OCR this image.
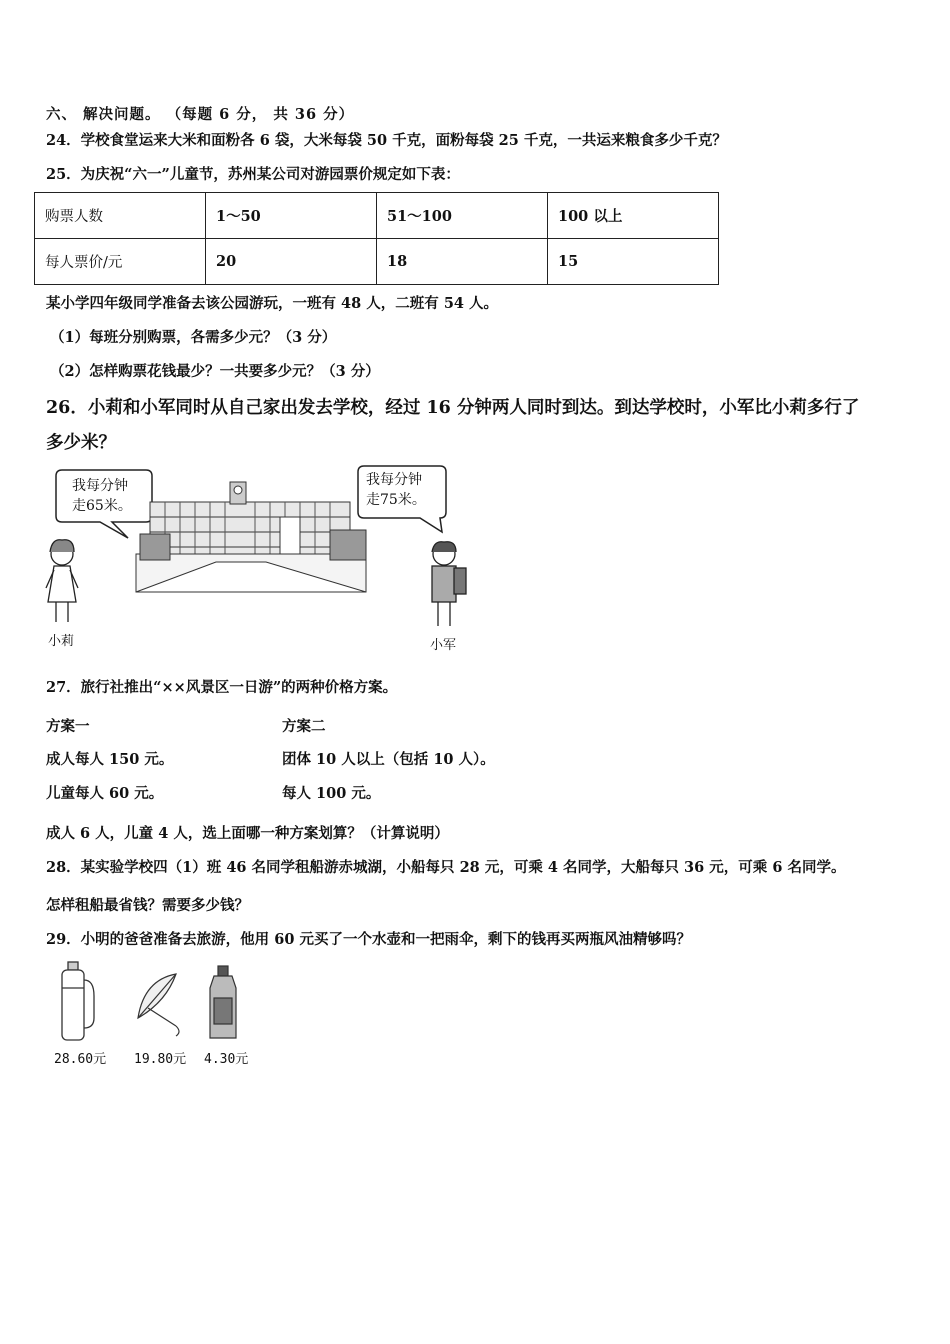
六、 解决问题。 （每题 6 分， 共 36 分）
24．学校食堂运来大米和面粉各 6 袋，大米每袋 50 千克，面粉每袋 25 千克，一共运来粮食多少千克？
25．为庆祝“六一”儿童节，苏州某公司对游园票价规定如下表：
购票人数	1～50	51～100	100 以上
每人票价/元	20	18	15
某小学四年级同学准备去该公园游玩，一班有 48 人，二班有 54 人。
（1）每班分别购票，各需多少元？（3 分）
（2）怎样购票花钱最少？一共要多少元？（3 分）
26．小莉和小军同时从自己家出发去学校，经过 16 分钟两人同时到达。到达学校时，小军比小莉多行了
多少米？
我每分钟
走65米。
我每分钟
走75米。
小莉	小军
27．旅行社推出“××风景区一日游”的两种价格方案。
方案一	方案二
成人每人 150 元。	团体 10 人以上（包括 10 人）。
儿童每人 60 元。	每人 100 元。
成人 6 人，儿童 4 人，选上面哪一种方案划算？（计算说明）
28．某实验学校四（1）班 46 名同学租船游赤城湖，小船每只 28 元，可乘 4 名同学，大船每只 36 元，可乘 6 名同学。
怎样租船最省钱？需要多少钱？
29．小明的爸爸准备去旅游，他用 60 元买了一个水壶和一把雨伞，剩下的钱再买两瓶风油精够吗？
28.60元 19.80元 4.30元
